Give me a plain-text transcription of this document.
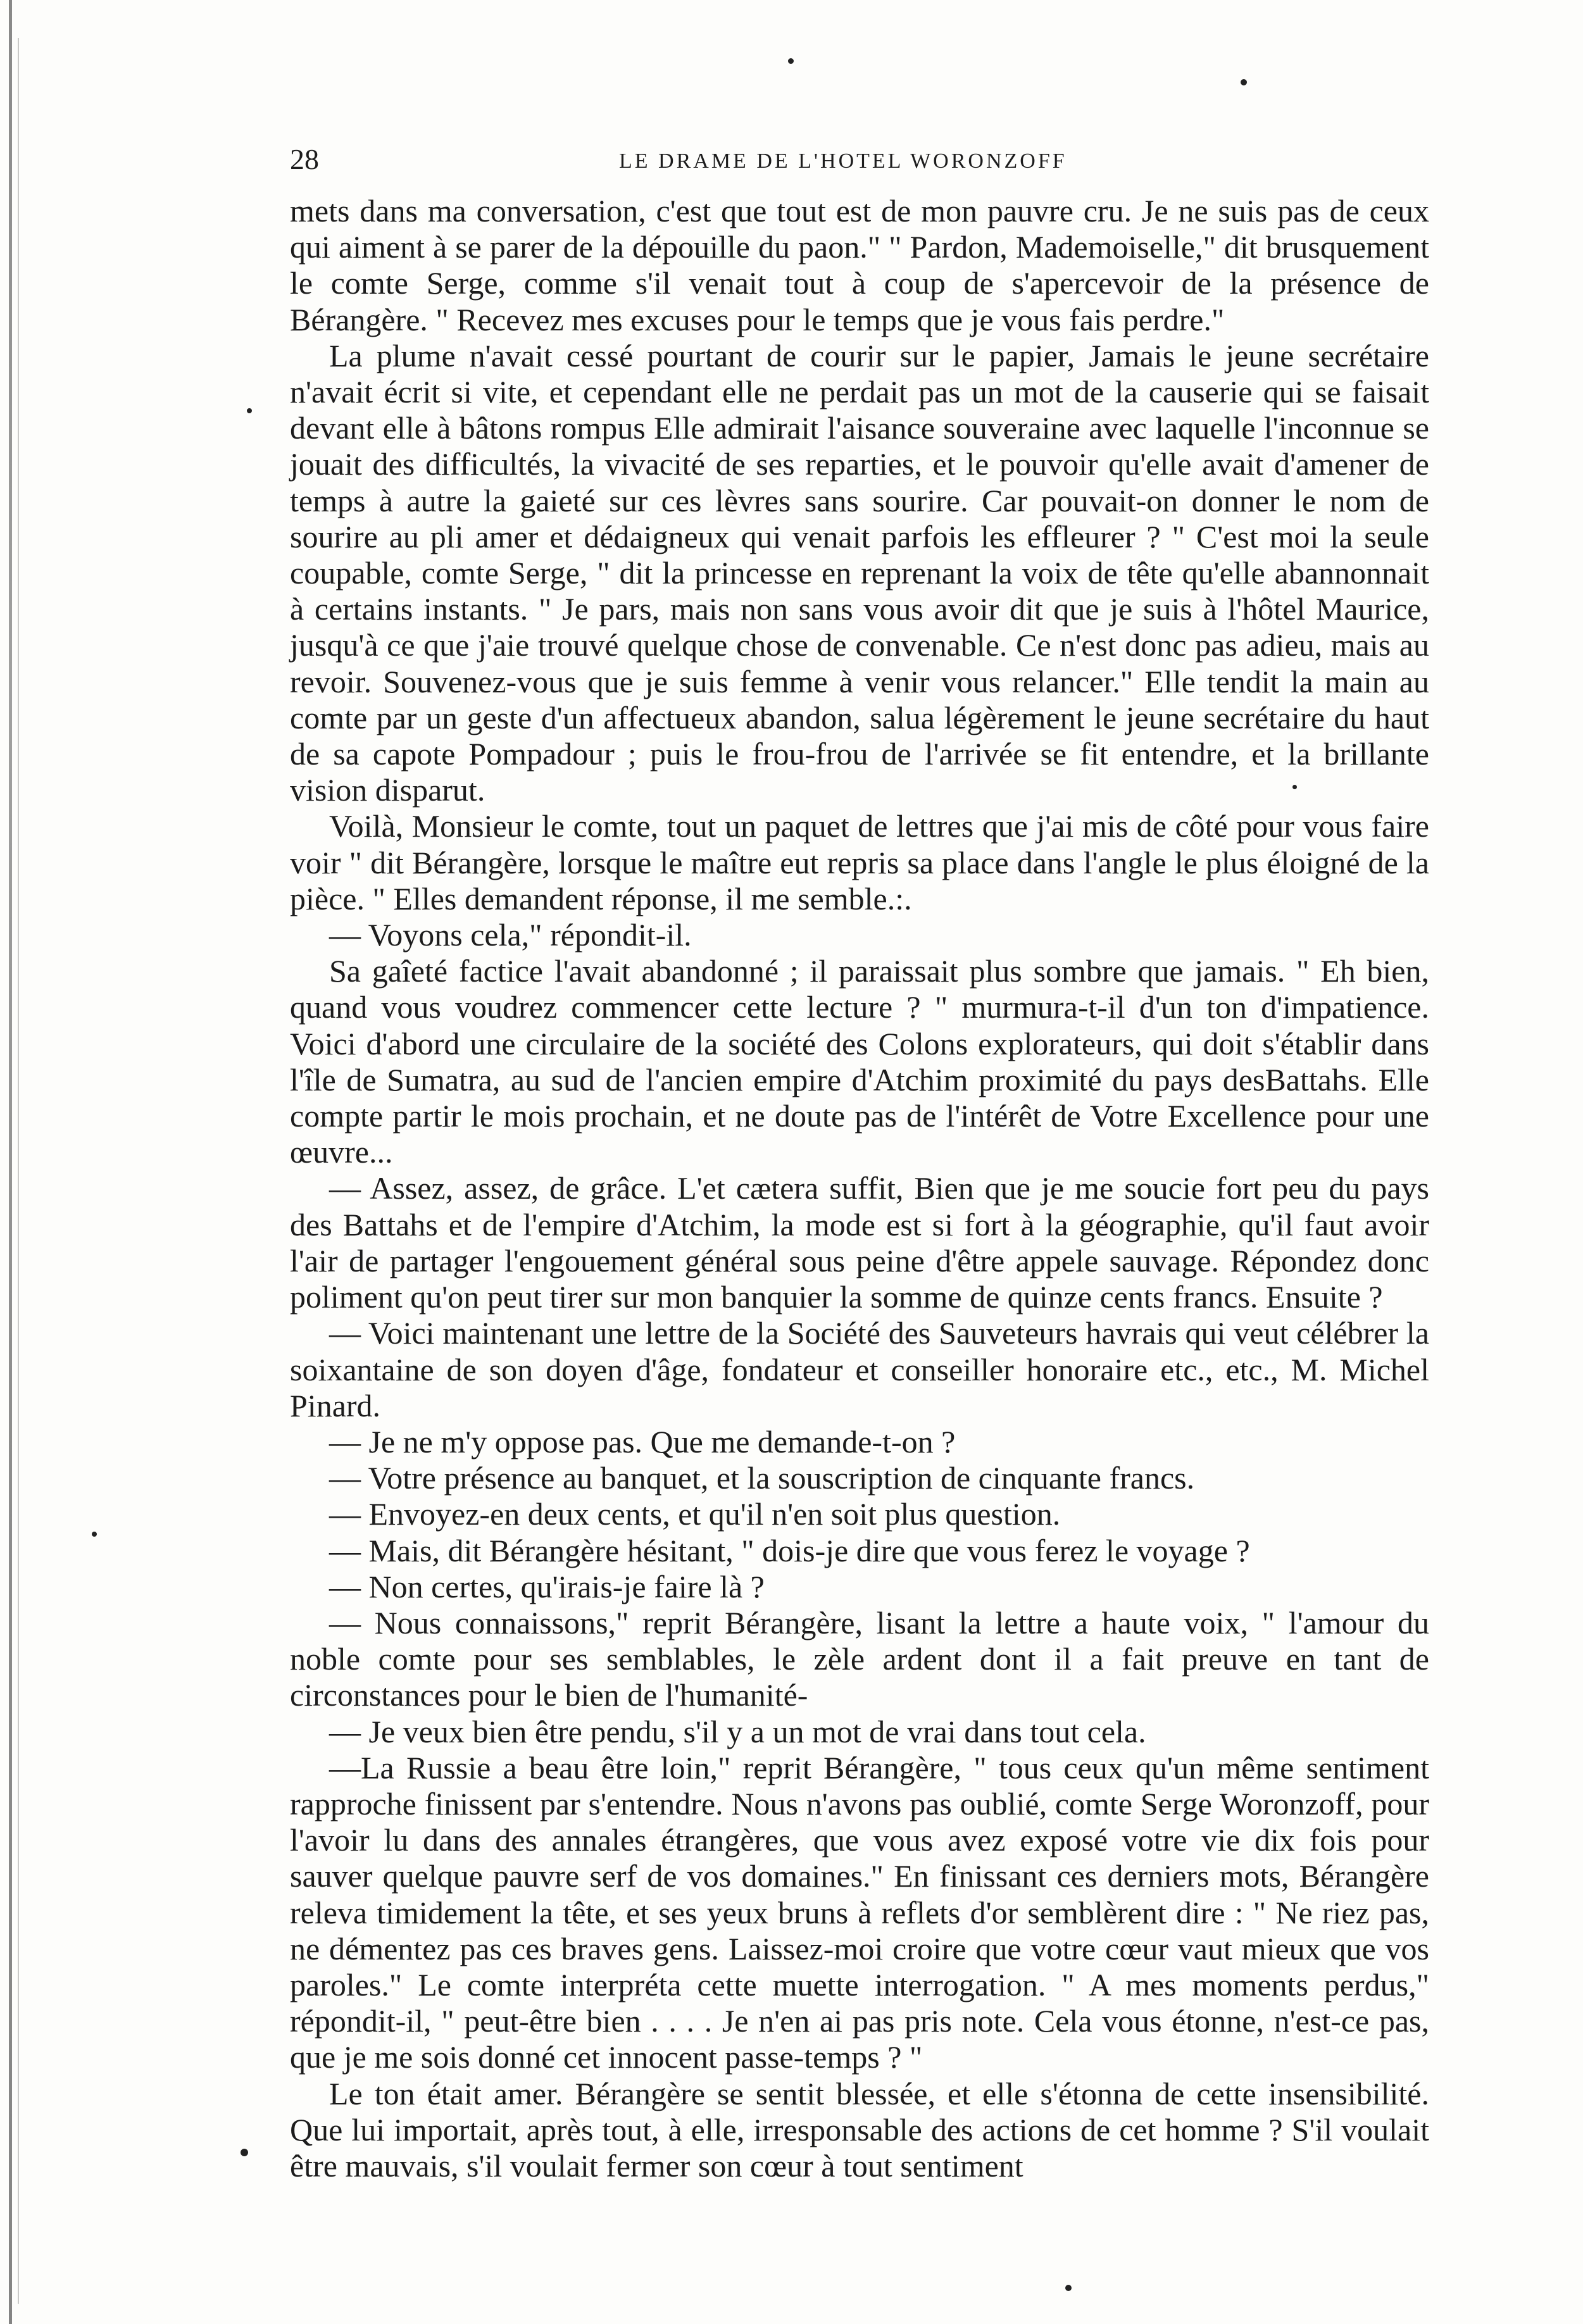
28	LE DRAME DE L'HOTEL WORONZOFF

mets dans ma conversation, c'est que tout est de mon pauvre cru. Je ne suis pas de ceux qui aiment à se parer de la dépouille du paon." " Pardon, Mademoiselle," dit brusquement le comte Serge, comme s'il venait tout à coup de s'apercevoir de la présence de Bérangère. " Recevez mes excuses pour le temps que je vous fais perdre."

La plume n'avait cessé pourtant de courir sur le papier, Jamais le jeune secrétaire n'avait écrit si vite, et cependant elle ne perdait pas un mot de la causerie qui se faisait devant elle à bâtons rompus Elle admirait l'aisance souveraine avec laquelle l'inconnue se jouait des difficultés, la vivacité de ses reparties, et le pouvoir qu'elle avait d'amener de temps à autre la gaieté sur ces lèvres sans sourire. Car pouvait-on donner le nom de sourire au pli amer et dédaigneux qui venait parfois les effleurer ? " C'est moi la seule coupable, comte Serge, " dit la princesse en reprenant la voix de tête qu'elle abannonnait à certains instants. " Je pars, mais non sans vous avoir dit que je suis à l'hôtel Maurice, jusqu'à ce que j'aie trouvé quelque chose de convenable. Ce n'est donc pas adieu, mais au revoir. Souvenez-vous que je suis femme à venir vous relancer." Elle tendit la main au comte par un geste d'un affectueux abandon, salua légèrement le jeune secrétaire du haut de sa capote Pompadour ; puis le frou-frou de l'arrivée se fit entendre, et la brillante vision disparut.

Voilà, Monsieur le comte, tout un paquet de lettres que j'ai mis de côté pour vous faire voir " dit Bérangère, lorsque le maître eut repris sa place dans l'angle le plus éloigné de la pièce. " Elles demandent réponse, il me semble.:.

— Voyons cela," répondit-il.

Sa gaîeté factice l'avait abandonné ; il paraissait plus sombre que jamais. " Eh bien, quand vous voudrez commencer cette lecture ? " murmura-t-il d'un ton d'impatience. Voici d'abord une circulaire de la société des Colons explorateurs, qui doit s'établir dans l'île de Sumatra, au sud de l'ancien empire d'Atchim proximité du pays desBattahs. Elle compte partir le mois prochain, et ne doute pas de l'intérêt de Votre Excellence pour une œuvre...

— Assez, assez, de grâce. L'et cætera suffit, Bien que je me soucie fort peu du pays des Battahs et de l'empire d'Atchim, la mode est si fort à la géographie, qu'il faut avoir l'air de partager l'engouement général sous peine d'être appele sauvage. Répondez donc poliment qu'on peut tirer sur mon banquier la somme de quinze cents francs. Ensuite ?

— Voici maintenant une lettre de la Société des Sauveteurs havrais qui veut célébrer la soixantaine de son doyen d'âge, fondateur et conseiller honoraire etc., etc., M. Michel Pinard.

— Je ne m'y oppose pas. Que me demande-t-on ?

— Votre présence au banquet, et la souscription de cinquante francs.

— Envoyez-en deux cents, et qu'il n'en soit plus question.

— Mais, dit Bérangère hésitant, " dois-je dire que vous ferez le voyage ?

— Non certes, qu'irais-je faire là ?

— Nous connaissons," reprit Bérangère, lisant la lettre a haute voix, " l'amour du noble comte pour ses semblables, le zèle ardent dont il a fait preuve en tant de circonstances pour le bien de l'humanité-

— Je veux bien être pendu, s'il y a un mot de vrai dans tout cela.

—La Russie a beau être loin," reprit Bérangère, " tous ceux qu'un même sentiment rapproche finissent par s'entendre. Nous n'avons pas oublié, comte Serge Woronzoff, pour l'avoir lu dans des annales étrangères, que vous avez exposé votre vie dix fois pour sauver quelque pauvre serf de vos domaines." En finissant ces derniers mots, Bérangère releva timidement la tête, et ses yeux bruns à reflets d'or semblèrent dire : " Ne riez pas, ne démentez pas ces braves gens. Laissez-moi croire que votre cœur vaut mieux que vos paroles." Le comte interpréta cette muette interrogation. " A mes moments perdus," répondit-il, " peut-être bien . . . . Je n'en ai pas pris note. Cela vous étonne, n'est-ce pas, que je me sois donné cet innocent passe-temps ? "

Le ton était amer. Bérangère se sentit blessée, et elle s'étonna de cette insensibilité. Que lui importait, après tout, à elle, irresponsable des actions de cet homme ? S'il voulait être mauvais, s'il voulait fermer son cœur à tout sentiment
